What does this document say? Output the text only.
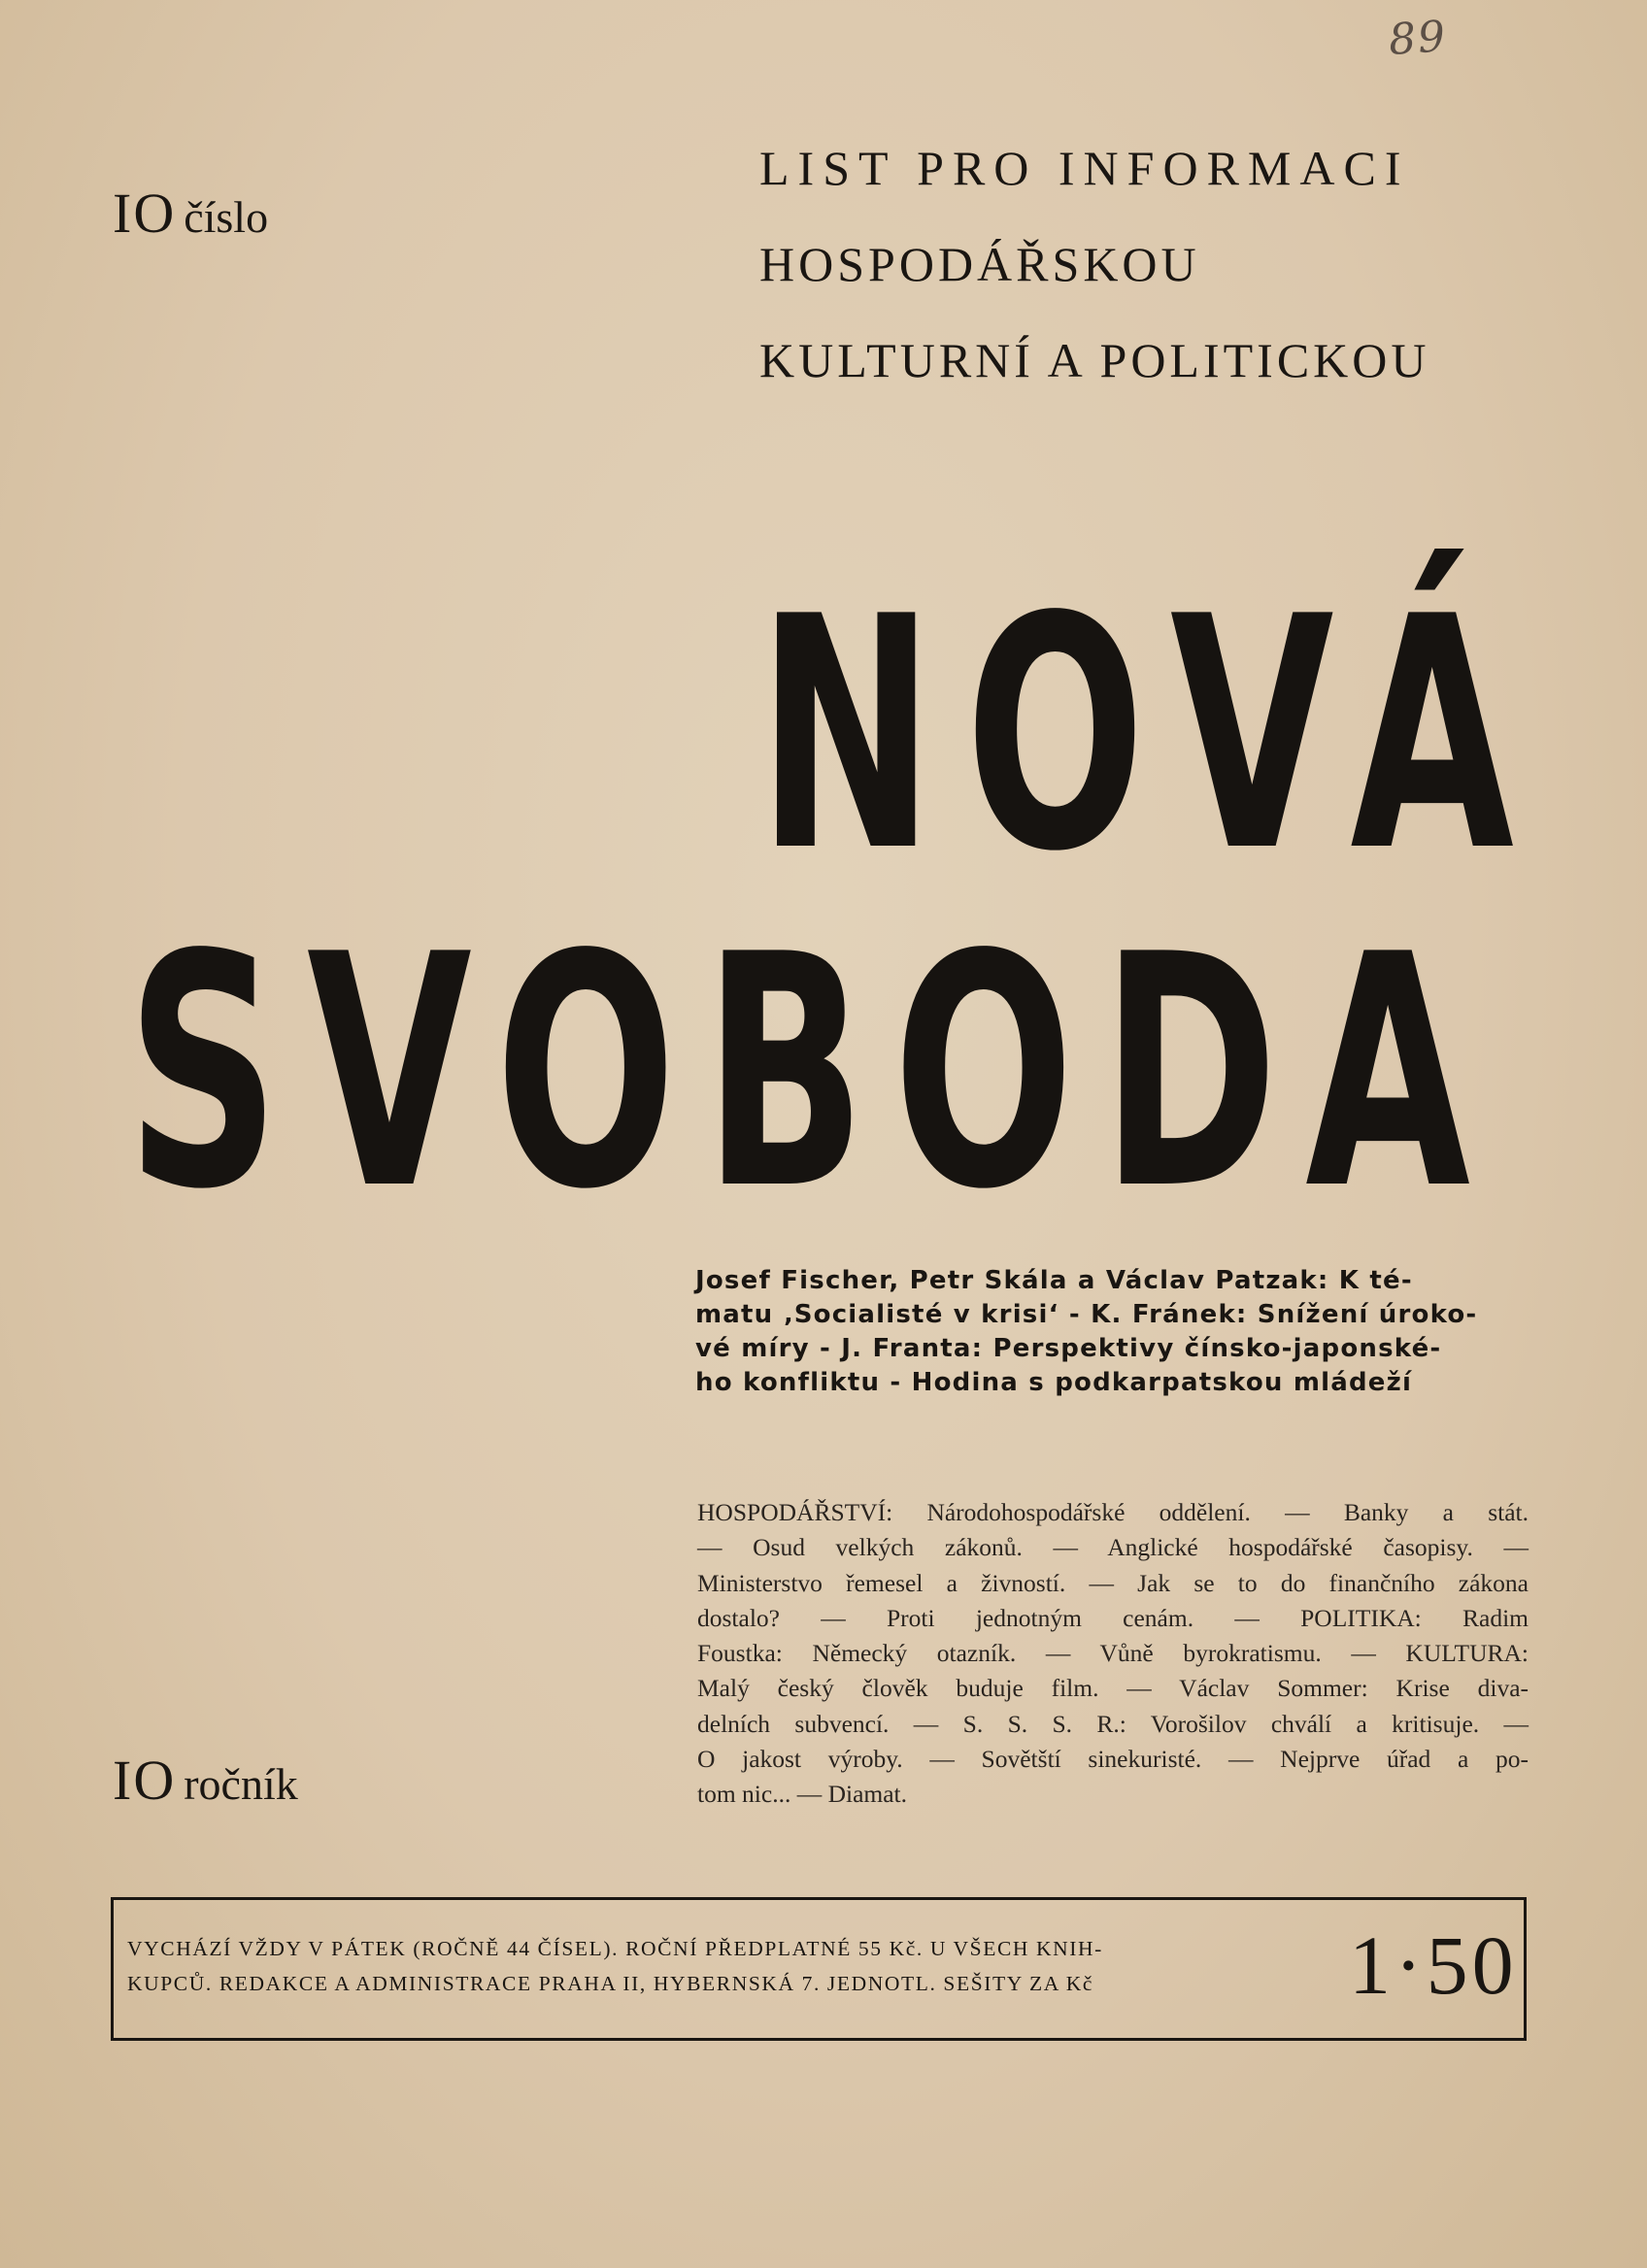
89
IO číslo
LIST PRO INFORMACI
HOSPODÁŘSKOU
KULTURNÍ A POLITICKOU
NOVÁ
SVOBODA
Josef Fischer, Petr Skála a Václav Patzak: K té-
matu ‚Socialisté v krisi‘ - K. Fránek: Snížení úroko-
vé míry - J. Franta: Perspektivy čínsko-japonské-
ho konfliktu - Hodina s podkarpatskou mládeží
HOSPODÁŘSTVÍ: Národohospodářské oddělení. — Banky a stát.
— Osud velkých zákonů. — Anglické hospodářské časopisy. —
Ministerstvo řemesel a živností. — Jak se to do finančního zákona
dostalo? — Proti jednotným cenám. — POLITIKA: Radim
Foustka: Německý otazník. — Vůně byrokratismu. — KULTURA:
Malý český člověk buduje film. — Václav Sommer: Krise diva-
delních subvencí. — S. S. S. R.: Vorošilov chválí a kritisuje. —
O jakost výroby. — Sovětští sinekuristé. — Nejprve úřad a po-
tom nic... — Diamat.
IO ročník
VYCHÁZÍ VŽDY V PÁTEK (ROČNĚ 44 ČÍSEL). ROČNÍ PŘEDPLATNÉ 55 Kč. U VŠECH KNIH-
KUPCŮ. REDAKCE A ADMINISTRACE PRAHA II, HYBERNSKÁ 7. JEDNOTL. SEŠITY ZA Kč	1·50
